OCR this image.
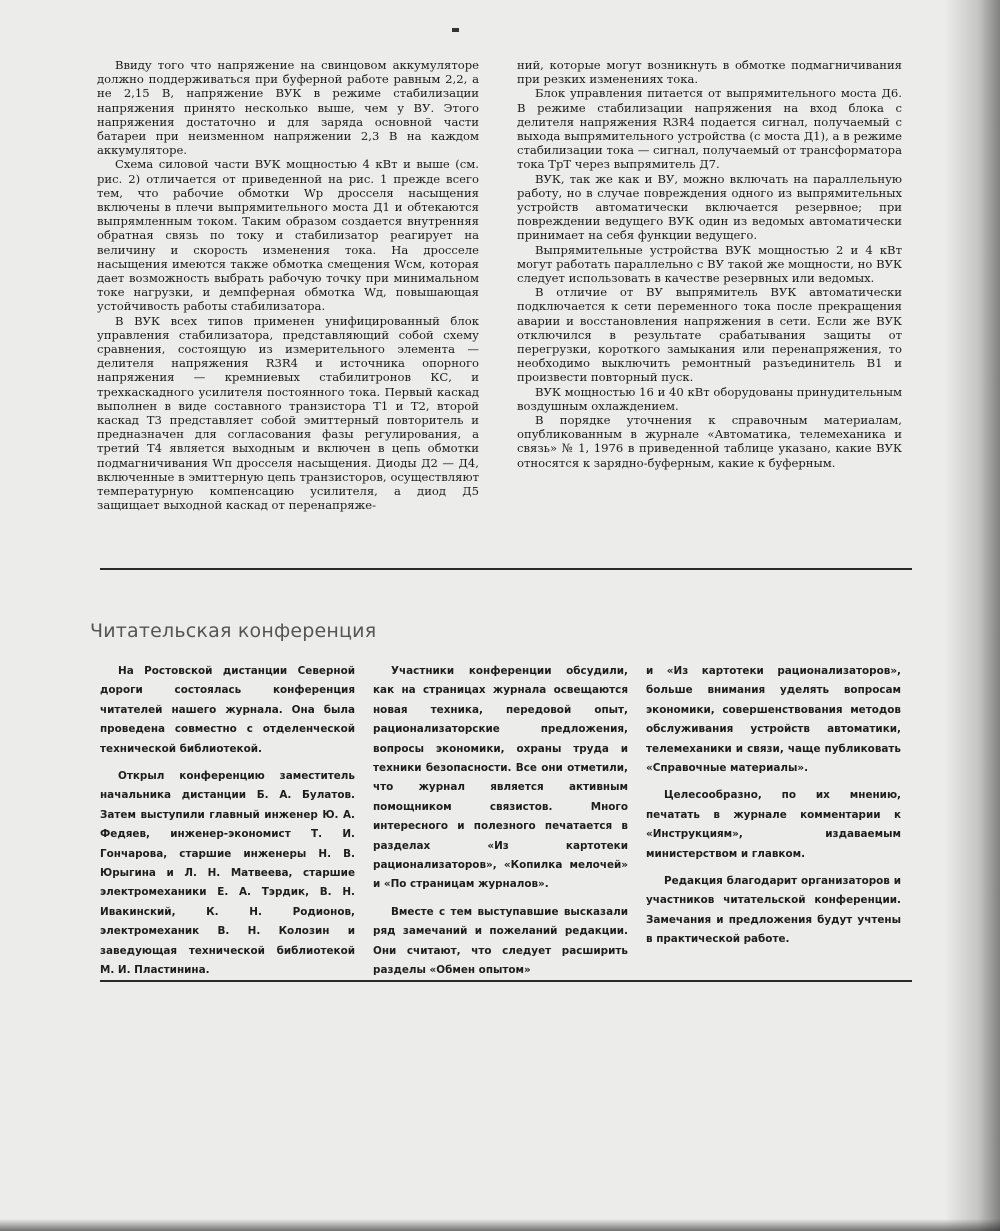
Ввиду того что напряжение на свинцовом аккумуляторе должно поддерживаться при буферной работе равным 2,2, а не 2,15 В, напряжение ВУК в режиме стабилизации напряжения принято несколько выше, чем у ВУ. Этого напряжения достаточно и для заряда основной части батареи при неизменном напряжении 2,3 В на каждом аккумуляторе.

Схема силовой части ВУК мощностью 4 кВт и выше (см. рис. 2) отличается от приведенной на рис. 1 прежде всего тем, что рабочие обмотки Wр дросселя насыщения включены в плечи выпрямительного моста Д1 и обтекаются выпрямленным током. Таким образом создается внутренняя обратная связь по току и стабилизатор реагирует на величину и скорость изменения тока. На дросселе насыщения имеются также обмотка смещения Wсм, которая дает возможность выбрать рабочую точку при минимальном токе нагрузки, и демпферная обмотка Wд, повышающая устойчивость работы стабилизатора.

В ВУК всех типов применен унифицированный блок управления стабилизатора, представляющий собой схему сравнения, состоящую из измерительного элемента — делителя напряжения R3R4 и источника опорного напряжения — кремниевых стабилитронов КС, и трехкаскадного усилителя постоянного тока. Первый каскад выполнен в виде составного транзистора Т1 и Т2, второй каскад Т3 представляет собой эмиттерный повторитель и предназначен для согласования фазы регулирования, а третий Т4 является выходным и включен в цепь обмотки подмагничивания Wп дросселя насыщения. Диоды Д2 — Д4, включенные в эмиттерную цепь транзисторов, осуществляют температурную компенсацию усилителя, а диод Д5 защищает выходной каскад от перенапряже-

ний, которые могут возникнуть в обмотке подмагничивания при резких изменениях тока.

Блок управления питается от выпрямительного моста Д6. В режиме стабилизации напряжения на вход блока с делителя напряжения R3R4 подается сигнал, получаемый с выхода выпрямительного устройства (с моста Д1), а в режиме стабилизации тока — сигнал, получаемый от трансформатора тока ТрТ через выпрямитель Д7.

ВУК, так же как и ВУ, можно включать на параллельную работу, но в случае повреждения одного из выпрямительных устройств автоматически включается резервное; при повреждении ведущего ВУК один из ведомых автоматически принимает на себя функции ведущего.

Выпрямительные устройства ВУК мощностью 2 и 4 кВт могут работать параллельно с ВУ такой же мощности, но ВУК следует использовать в качестве резервных или ведомых.

В отличие от ВУ выпрямитель ВУК автоматически подключается к сети переменного тока после прекращения аварии и восстановления напряжения в сети. Если же ВУК отключился в результате срабатывания защиты от перегрузки, короткого замыкания или перенапряжения, то необходимо выключить ремонтный разъединитель В1 и произвести повторный пуск.

ВУК мощностью 16 и 40 кВт оборудованы принудительным воздушным охлаждением.

В порядке уточнения к справочным материалам, опубликованным в журнале «Автоматика, телемеханика и связь» № 1, 1976 в приведенной таблице указано, какие ВУК относятся к зарядно-буферным, какие к буферным.

Читательская конференция

На Ростовской дистанции Северной дороги состоялась конференция читателей нашего журнала. Она была проведена совместно с отделенческой технической библиотекой.

Открыл конференцию заместитель начальника дистанции Б. А. Булатов. Затем выступили главный инженер Ю. А. Федяев, инженер-экономист Т. И. Гончарова, старшие инженеры Н. В. Юрыгина и Л. Н. Матвеева, старшие электромеханики Е. А. Тэрдик, В. Н. Ивакинский, К. Н. Родионов, электромеханик В. Н. Колозин и заведующая технической библиотекой М. И. Пластинина.

Участники конференции обсудили, как на страницах журнала освещаются новая техника, передовой опыт, рационализаторские предложения, вопросы экономики, охраны труда и техники безопасности. Все они отметили, что журнал является активным помощником связистов. Много интересного и полезного печатается в разделах «Из картотеки рационализаторов», «Копилка мелочей» и «По страницам журналов».

Вместе с тем выступавшие высказали ряд замечаний и пожеланий редакции. Они считают, что следует расширить разделы «Обмен опытом»

и «Из картотеки рационализаторов», больше внимания уделять вопросам экономики, совершенствования методов обслуживания устройств автоматики, телемеханики и связи, чаще публиковать «Справочные материалы».

Целесообразно, по их мнению, печатать в журнале комментарии к «Инструкциям», издаваемым министерством и главком.

Редакция благодарит организаторов и участников читательской конференции. Замечания и предложения будут учтены в практической работе.
